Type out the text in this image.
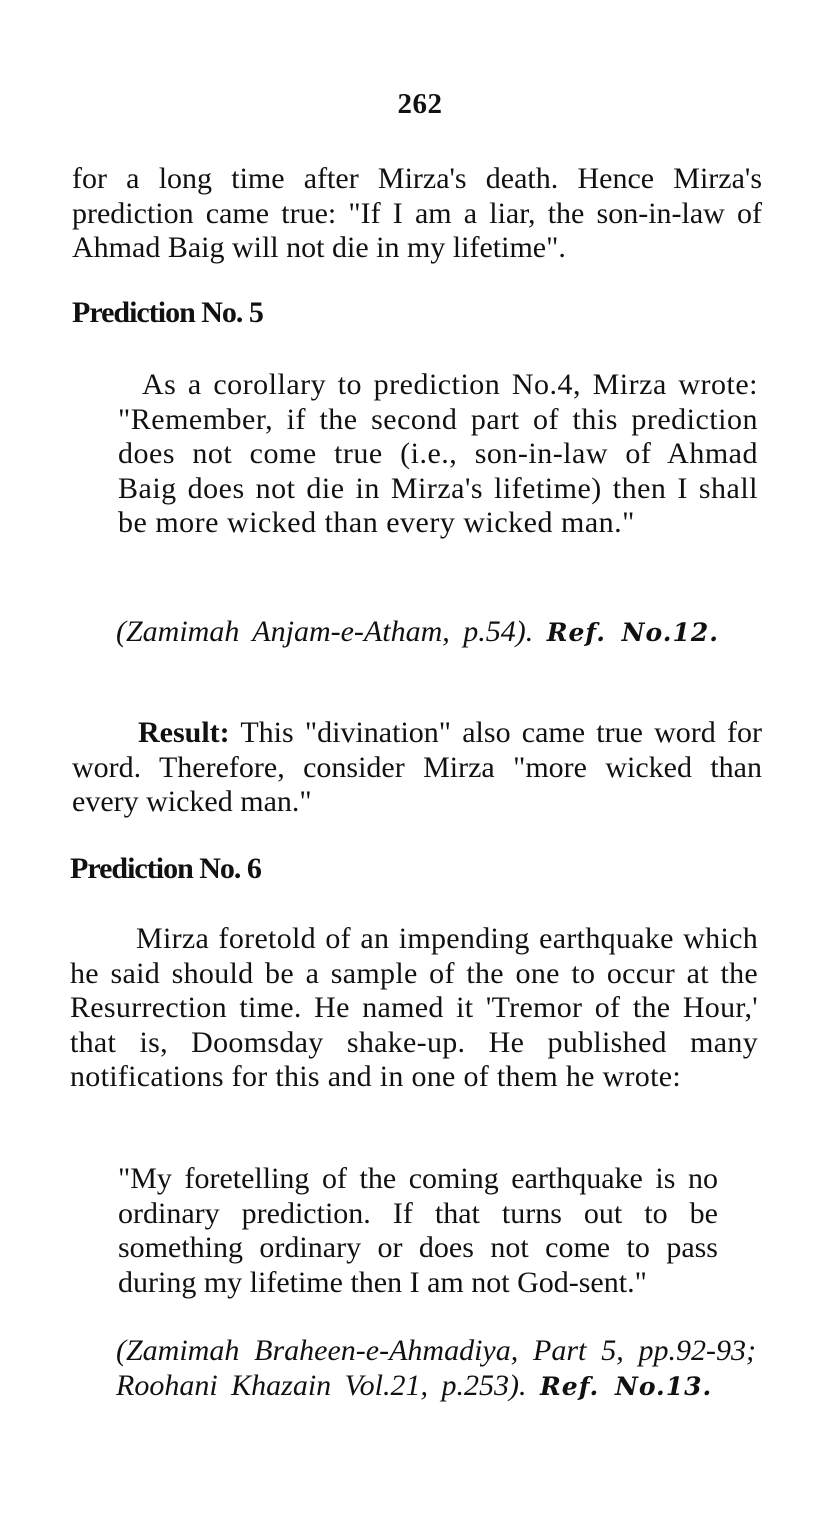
262

for a long time after Mirza's death. Hence Mirza's prediction came true: "If I am a liar, the son-in-law of Ahmad Baig will not die in my lifetime".

Prediction No. 5

As a corollary to prediction No.4, Mirza wrote: "Remember, if the second part of this prediction does not come true (i.e., son-in-law of Ahmad Baig does not die in Mirza's lifetime) then I shall be more wicked than every wicked man."

(Zamimah Anjam-e-Atham, p.54). Ref. No.12.

Result: This "divination" also came true word for word. Therefore, consider Mirza "more wicked than every wicked man."

Prediction No. 6

Mirza foretold of an impending earthquake which he said should be a sample of the one to occur at the Resurrection time. He named it 'Tremor of the Hour,' that is, Doomsday shake-up. He published many notifications for this and in one of them he wrote:

"My foretelling of the coming earthquake is no ordinary prediction. If that turns out to be something ordinary or does not come to pass during my lifetime then I am not God-sent."

(Zamimah Braheen-e-Ahmadiya, Part 5, pp.92-93; Roohani Khazain Vol.21, p.253). Ref. No.13.
